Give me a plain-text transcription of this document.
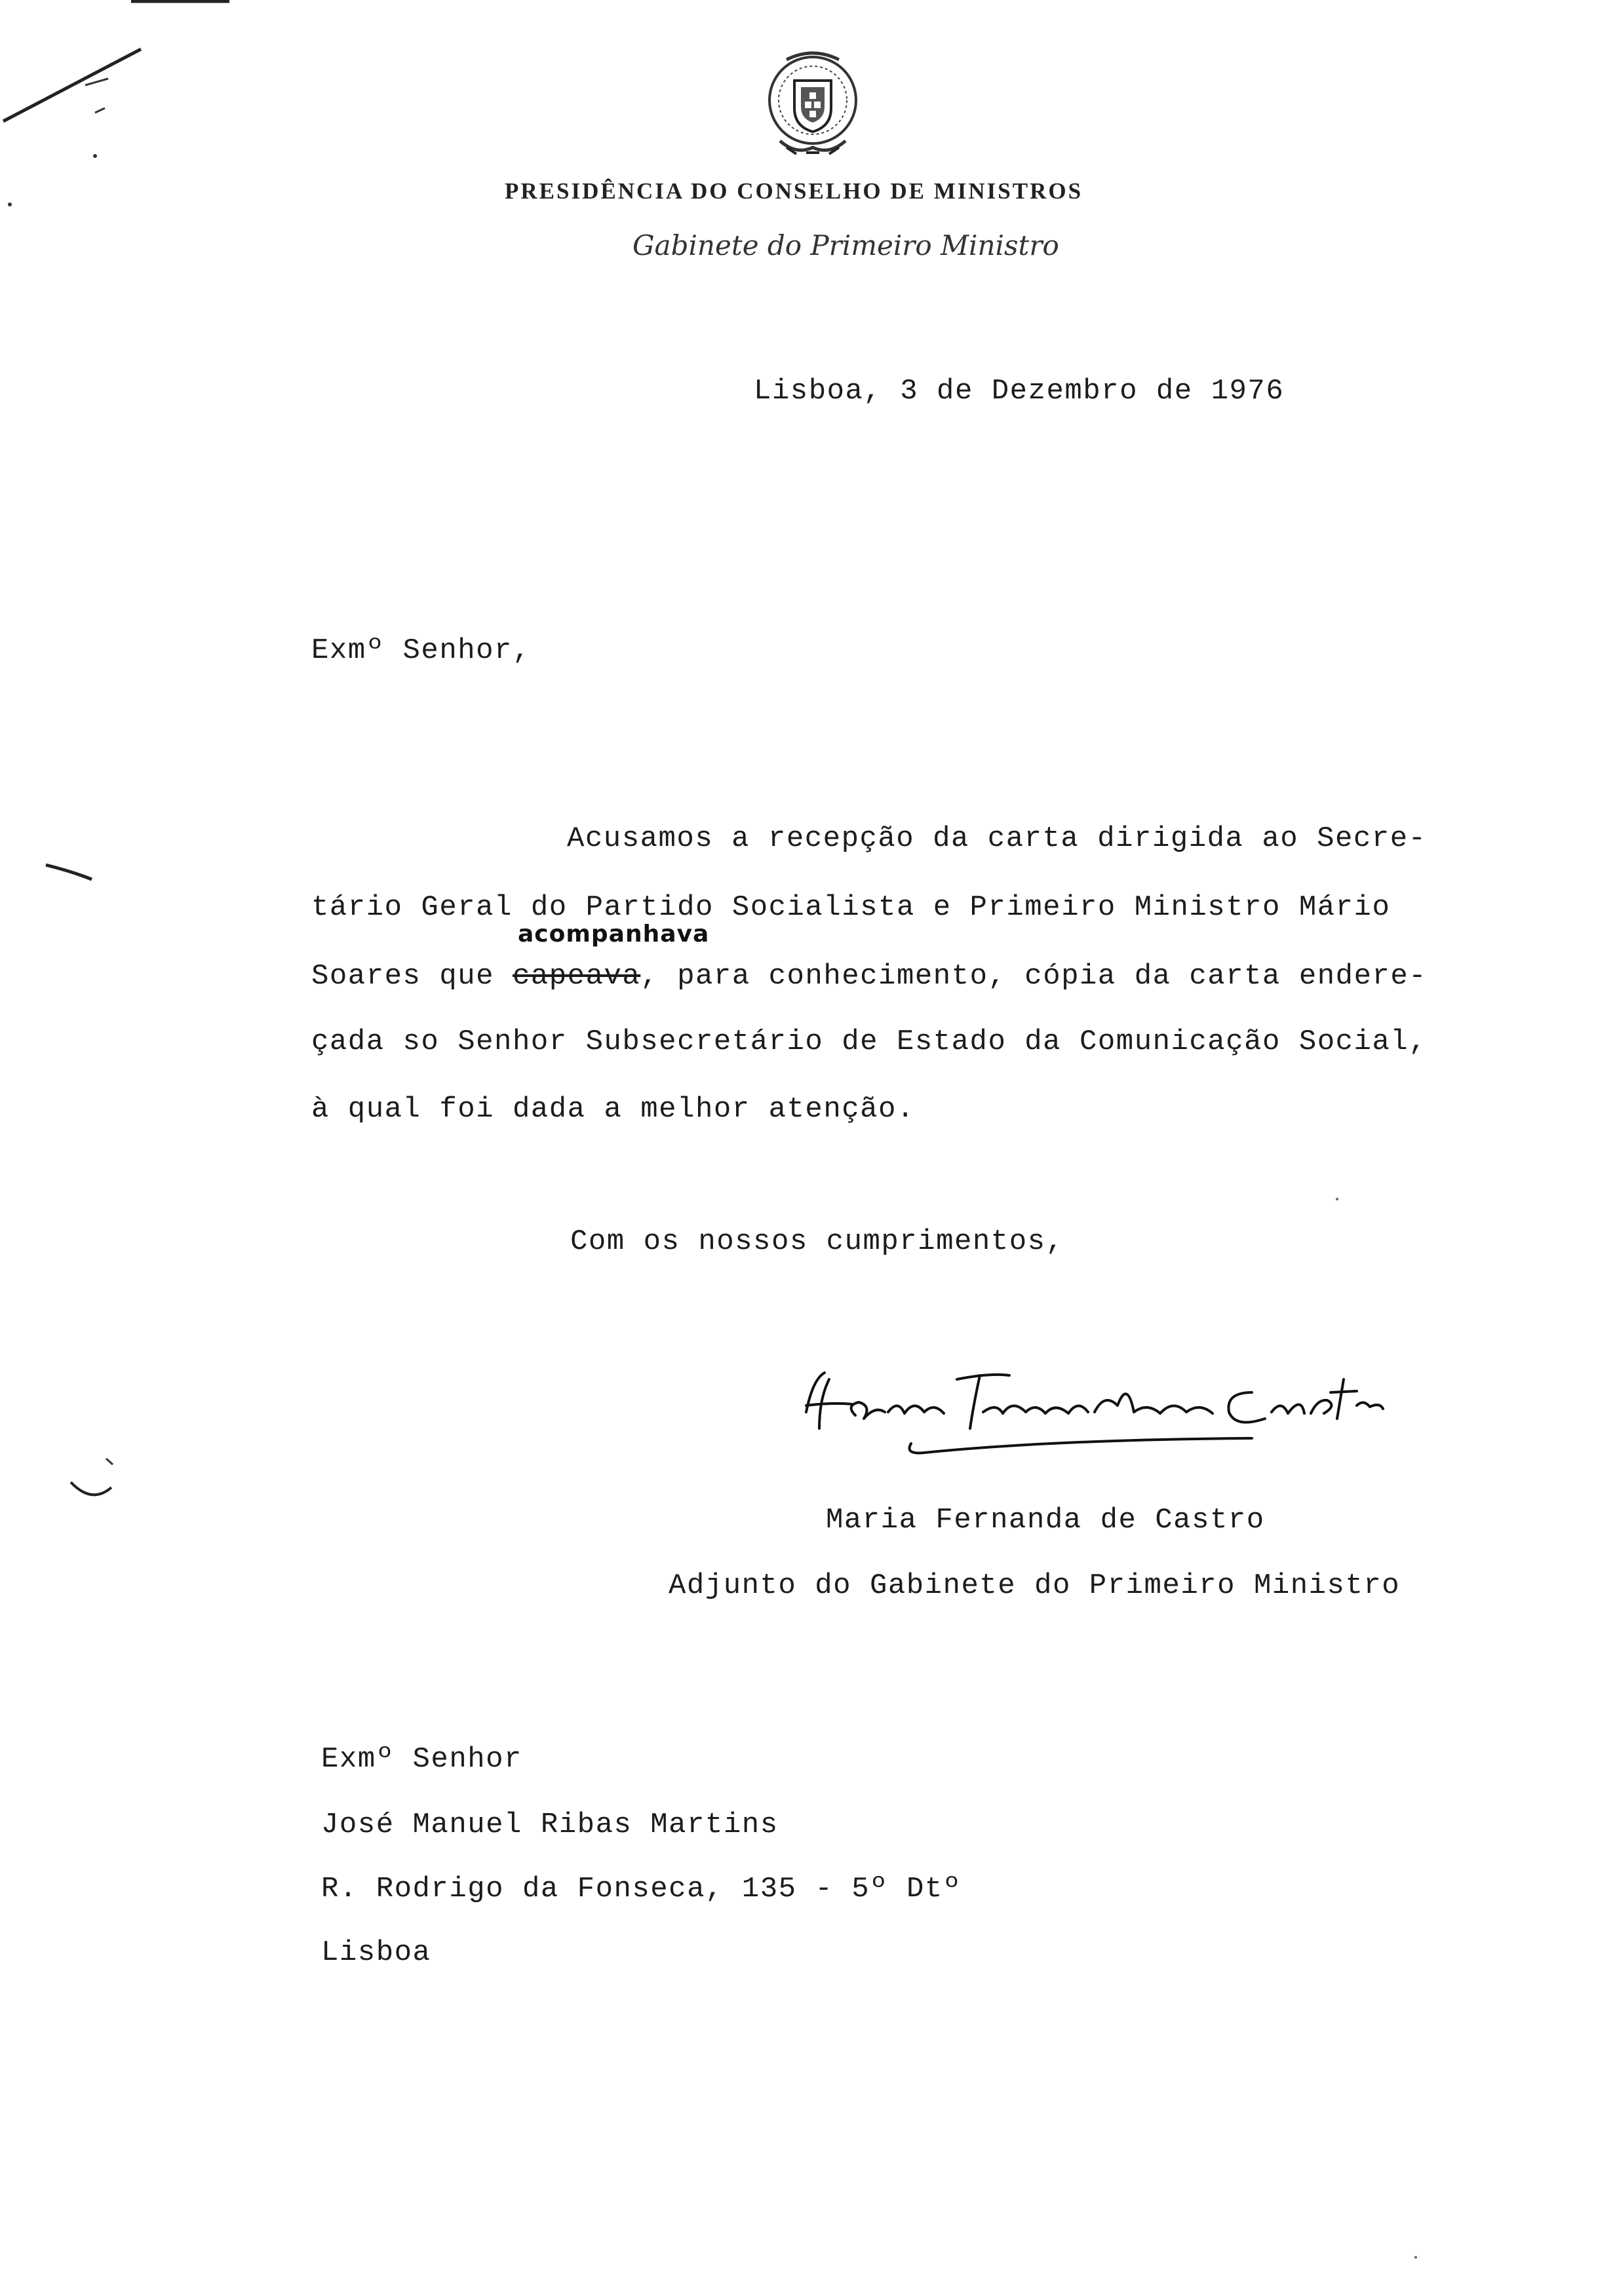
PRESIDÊNCIA DO CONSELHO DE MINISTROS
Gabinete do Primeiro Ministro
Lisboa, 3 de Dezembro de 1976
Exmº Senhor,
Acusamos a recepção da carta dirigida ao Secre-
tário Geral do Partido Socialista e Primeiro Ministro Mário
acompanhava
Soares que capeava, para conhecimento, cópia da carta endere-
çada so Senhor Subsecretário de Estado da Comunicação Social,
à qual foi dada a melhor atenção.
Com os nossos cumprimentos,
Maria Fernanda de Castro
Adjunto do Gabinete do Primeiro Ministro
Exmº Senhor
José Manuel Ribas Martins
R. Rodrigo da Fonseca, 135 - 5º Dtº
Lisboa
